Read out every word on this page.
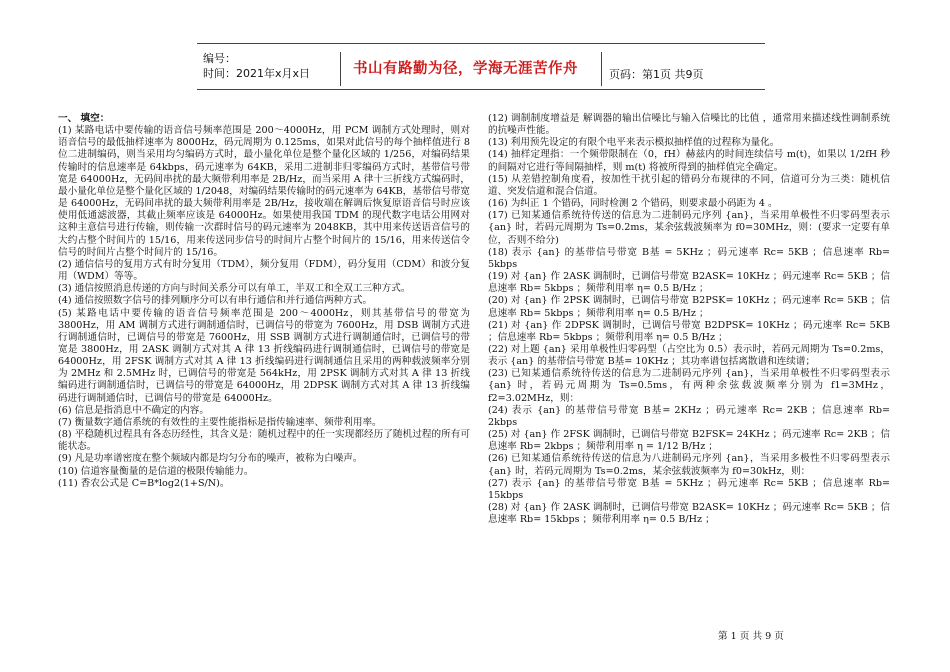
编号：
时间：2021年x月x日	书山有路勤为径，学海无涯苦作舟	页码：第1页 共9页

一、 填空：

(1) 某路电话中要传输的语音信号频率范围是 200～4000Hz，用 PCM 调制方式处理时，则对语音信号的最低抽样速率为 8000Hz，码元周期为 0.125ms，如果对此信号的每个抽样值进行 8 位二进制编码，则当采用均匀编码方式时，最小量化单位是整个量化区域的 1/256，对编码结果传输时的信息速率是 64kbps，码元速率为 64KB，采用二进制非归零编码方式时，基带信号带宽是 64000Hz，无码间串扰的最大频带利用率是 2B/Hz，而当采用 A 律十三折线方式编码时，最小量化单位是整个量化区域的 1/2048，对编码结果传输时的码元速率为 64KB，基带信号带宽是 64000Hz，无码间串扰的最大频带利用率是 2B/Hz，接收端在解调后恢复原语音信号时应该使用低通滤波器，其截止频率应该是 64000Hz。如果使用我国 TDM 的现代数字电话公用网对这种主意信号进行传输，则传输一次群时信号的码元速率为 2048KB，其中用来传送语音信号的大约占整个时间片的 15/16，用来传送同步信号的时间片占整个时间片的 15/16，用来传送信令信号的时间片占整个时间片的 15/16。

(2) 通信信号的复用方式有时分复用（TDM），频分复用（FDM），码分复用（CDM）和波分复用（WDM）等等。

(3) 通信按照消息传递的方向与时间关系分可以有单工，半双工和全双工三种方式。

(4) 通信按照数字信号的排列顺序分可以有串行通信和并行通信两种方式。

(5) 某路电话中要传输的语音信号频率范围是 200～4000Hz，则其基带信号的带宽为 3800Hz，用 AM 调制方式进行调制通信时，已调信号的带宽为 7600Hz，用 DSB 调制方式进行调制通信时，已调信号的带宽是 7600Hz，用 SSB 调制方式进行调制通信时，已调信号的带宽是 3800Hz，用 2ASK 调制方式对其 A 律 13 折线编码进行调制通信时，已调信号的带宽是 64000Hz，用 2FSK 调制方式对其 A 律 13 折线编码进行调制通信且采用的两种载波频率分别为 2MHz 和 2.5MHz 时，已调信号的带宽是 564kHz，用 2PSK 调制方式对其 A 律 13 折线编码进行调制通信时，已调信号的带宽是 64000Hz，用 2DPSK 调制方式对其 A 律 13 折线编码进行调制通信时，已调信号的带宽是 64000Hz。

(6) 信息是指消息中不确定的内容。

(7) 衡量数字通信系统的有效性的主要性能指标是指传输速率、频带利用率。

(8) 平稳随机过程具有各态历经性，其含义是：随机过程中的任一实现都经历了随机过程的所有可能状态。

(9) 凡是功率谱密度在整个频域内都是均匀分布的噪声，被称为白噪声。

(10) 信道容量衡量的是信道的极限传输能力。

(11) 香农公式是 C=B*log2(1+S/N)。

(12) 调制制度增益是 解调器的输出信噪比与输入信噪比的比值 ，通常用来描述线性调制系统的抗噪声性能。

(13) 利用预先设定的有限个电平来表示模拟抽样值的过程称为量化。

(14) 抽样定理指：一个频带限制在（0，fH）赫兹内的时间连续信号 m(t)，如果以 1/2fH 秒的间隔对它进行等间隔抽样，则 m(t) 将被所得到的抽样值完全确定。

(15) 从差错控制角度看，按加性干扰引起的错码分布规律的不同，信道可分为三类：随机信道、突发信道和混合信道。

(16) 为纠正 1 个错码，同时检测 2 个错码，则要求最小码距为 4 。

(17) 已知某通信系统待传送的信息为二进制码元序列 {an}，当采用单极性不归零码型表示 {an} 时，若码元周期为 Ts=0.2ms，某余弦载波频率为 f0=30MHz，则：(要求一定要有单位，否则不给分)

(18) 表示 {an} 的基带信号带宽 B基 = 5KHz ；码元速率 Rc= 5KB ；信息速率 Rb= 5kbps

(19) 对 {an} 作 2ASK 调制时，已调信号带宽 B2ASK= 10KHz ；码元速率 Rc= 5KB ；信息速率 Rb= 5kbps ；频带利用率 η= 0.5 B/Hz ；

(20) 对 {an} 作 2PSK 调制时，已调信号带宽 B2PSK= 10KHz ；码元速率 Rc= 5KB ；信息速率 Rb= 5kbps ；频带利用率 η= 0.5 B/Hz ；

(21) 对 {an} 作 2DPSK 调制时，已调信号带宽 B2DPSK= 10KHz ；码元速率 Rc= 5KB ；信息速率 Rb= 5kbps ；频带利用率 η= 0.5 B/Hz ；

(22) 对上题 {an} 采用单极性归零码型（占空比为 0.5）表示时，若码元周期为 Ts=0.2ms，表示 {an} 的基带信号带宽 B基= 10KHz ；其功率谱包括离散谱和连续谱；

(23) 已知某通信系统待传送的信息为二进制码元序列 {an}，当采用单极性不归零码型表示 {an} 时，若码元周期为 Ts=0.5ms，有两种余弦载波频率分别为 f1=3MHz，f2=3.02MHz，则：

(24) 表示 {an} 的基带信号带宽 B基= 2KHz ；码元速率 Rc= 2KB ；信息速率 Rb= 2kbps

(25) 对 {an} 作 2FSK 调制时，已调信号带宽 B2FSK= 24KHz ；码元速率 Rc= 2KB ；信息速率 Rb= 2kbps ；频带利用率 η = 1/12 B/Hz ；

(26) 已知某通信系统待传送的信息为八进制码元序列 {an}，当采用多极性不归零码型表示 {an} 时，若码元周期为 Ts=0.2ms，某余弦载波频率为 f0=30kHz，则：

(27) 表示 {an} 的基带信号带宽 B基 = 5KHz ；码元速率 Rc= 5KB ；信息速率 Rb= 15kbps

(28) 对 {an} 作 2ASK 调制时，已调信号带宽 B2ASK= 10KHz ；码元速率 Rc= 5KB ；信息速率 Rb= 15kbps ；频带利用率 η= 0.5 B/Hz ；

第 1 页 共 9 页
